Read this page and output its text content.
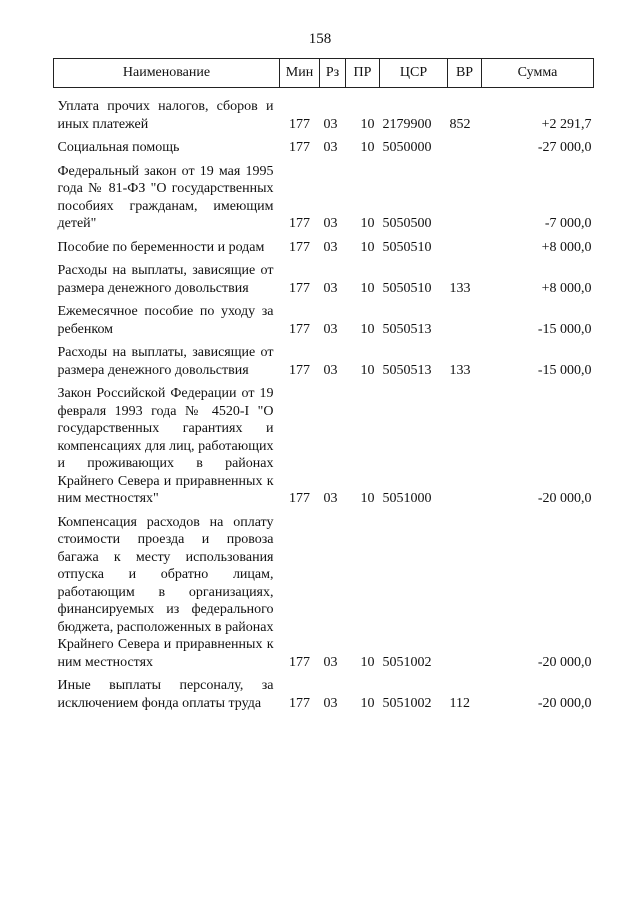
158
Наименование	Мин	Рз	ПР	ЦСР	ВР	Сумма
Уплата прочих налогов, сборов и иных платежей	177	03	10	2179900	852	+2 291,7
Социальная помощь	177	03	10	5050000		-27 000,0
Федеральный закон от 19 мая 1995 года № 81-ФЗ "О государственных пособиях гражданам, имеющим детей"	177	03	10	5050500		-7 000,0
Пособие по беременности и родам	177	03	10	5050510		+8 000,0
Расходы на выплаты, зависящие от размера денежного довольствия	177	03	10	5050510	133	+8 000,0
Ежемесячное пособие по уходу за ребенком	177	03	10	5050513		-15 000,0
Расходы на выплаты, зависящие от размера денежного довольствия	177	03	10	5050513	133	-15 000,0
Закон Российской Федерации от 19 февраля 1993 года № 4520-I "О государственных гарантиях и компенсациях для лиц, работающих и проживающих в районах Крайнего Севера и приравненных к ним местностях"	177	03	10	5051000		-20 000,0
Компенсация расходов на оплату стоимости проезда и провоза багажа к месту использования отпуска и обратно лицам, работающим в организациях, финансируемых из федерального бюджета, расположенных в районах Крайнего Севера и приравненных к ним местностях	177	03	10	5051002		-20 000,0
Иные выплаты персоналу, за исключением фонда оплаты труда	177	03	10	5051002	112	-20 000,0
